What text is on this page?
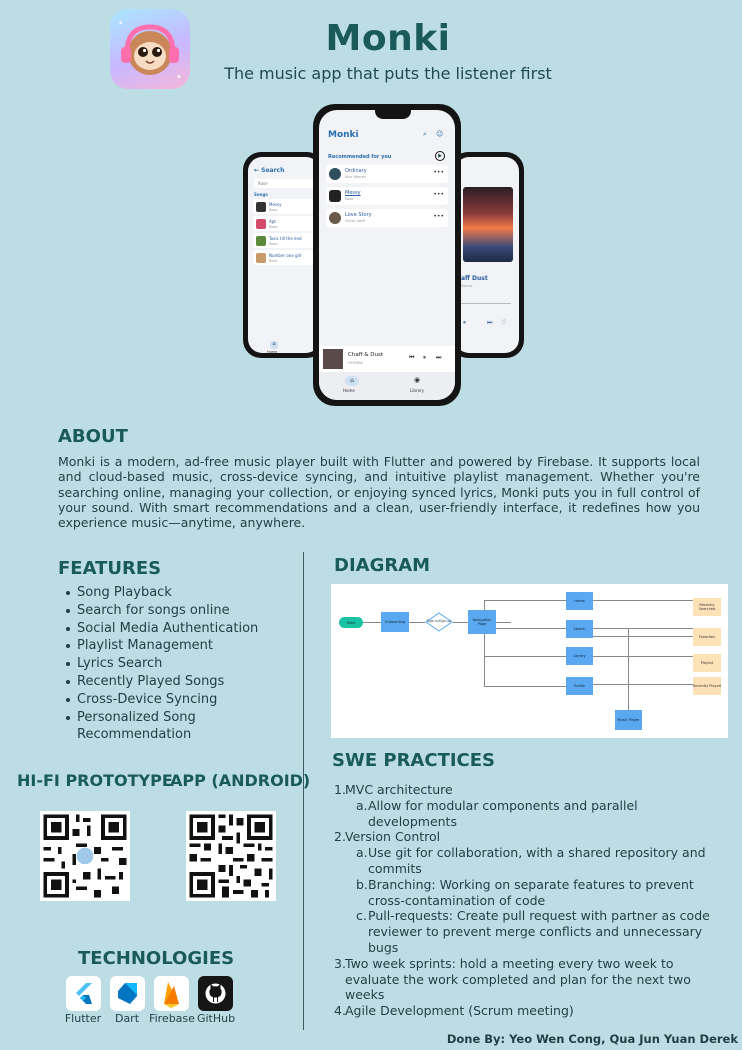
✦
✦	Monki
The music app that puts the listener first
← Search
Rose
Songs
Messy
Rose
Apt
Rose
Toxic till the end
Rose
Number one girl
Rose
⌂
Home
aff Dust
Nanna
⏭ ♡
⏸
Monki	⌕ ☺
Recommended for you	▶
Ordinary
Alex Warren
•••
Messy
Rose
•••
Love Story
Taylor Swift
•••
Chaff & Dust
HYONNA
⏮ ⏸ ⏭
⌂
Home
◉
Library
ABOUT
Monki is a modern, ad-free music player built with Flutter and powered by Firebase. It supports local and cloud-based music, cross-device syncing, and intuitive playlist management. Whether you're searching online, managing your collection, or enjoying synced lyrics, Monki puts you in full control of your sound. With smart recommendations and a clean, user-friendly interface, it redefines how you experience music—anytime, anywhere.
FEATURES
Song Playback
Search for songs online
Social Media Authentication
Playlist Management
Lyrics Search
Recently Played Songs
Cross-Device Syncing
Personalized Song Recommendation
DIAGRAM
Start	Onboarding	Sign-in/Sign-up	Navigation Page
Home
Search
Library
Profile
Music Player
Recently Searched
Favorites
Playlist
Recently Played
SWE PRACTICES
1. MVC architecture
a. Allow for modular components and parallel developments
2. Version Control
a. Use git for collaboration, with a shared repository and commits
b. Branching: Working on separate features to prevent cross-contamination of code
c. Pull-requests: Create pull request with partner as code reviewer to prevent merge conflicts and unnecessary bugs
3. Two week sprints: hold a meeting every two week to evaluate the work completed and plan for the next two weeks
4. Agile Development (Scrum meeting)
HI-FI PROTOTYPE
APP (ANDROID)
TECHNOLOGIES
Flutter	Dart Firebase GitHub
Done By: Yeo Wen Cong, Qua Jun Yuan Derek
